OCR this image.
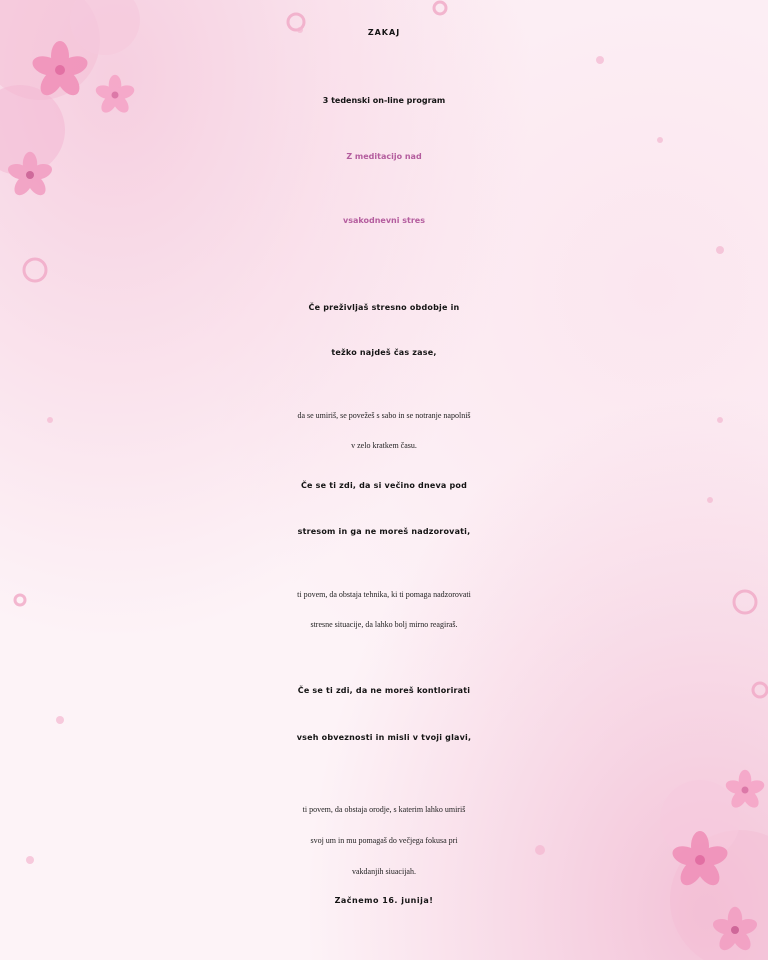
ZAKAJ
3 tedenski on-line program
Z meditacijo nad
vsakodnevni stres
Če preživljaš stresno obdobje in
težko najdeš čas zase,
da se umiriš, se povežeš s sabo in se notranje napolniš
v zelo kratkem času.
Če se ti zdi, da si večino dneva pod
stresom in ga ne moreš nadzorovati,
ti povem, da obstaja tehnika, ki ti pomaga nadzorovati
stresne situacije, da lahko bolj mirno reagiraš.
Če se ti zdi, da ne moreš kontlorirati
vseh obveznosti in misli v tvoji glavi,
ti povem, da obstaja orodje, s katerim lahko umiriš
svoj um in mu pomagaš do večjega fokusa pri
vakdanjih siuacijah.
Začnemo 16. junija!
